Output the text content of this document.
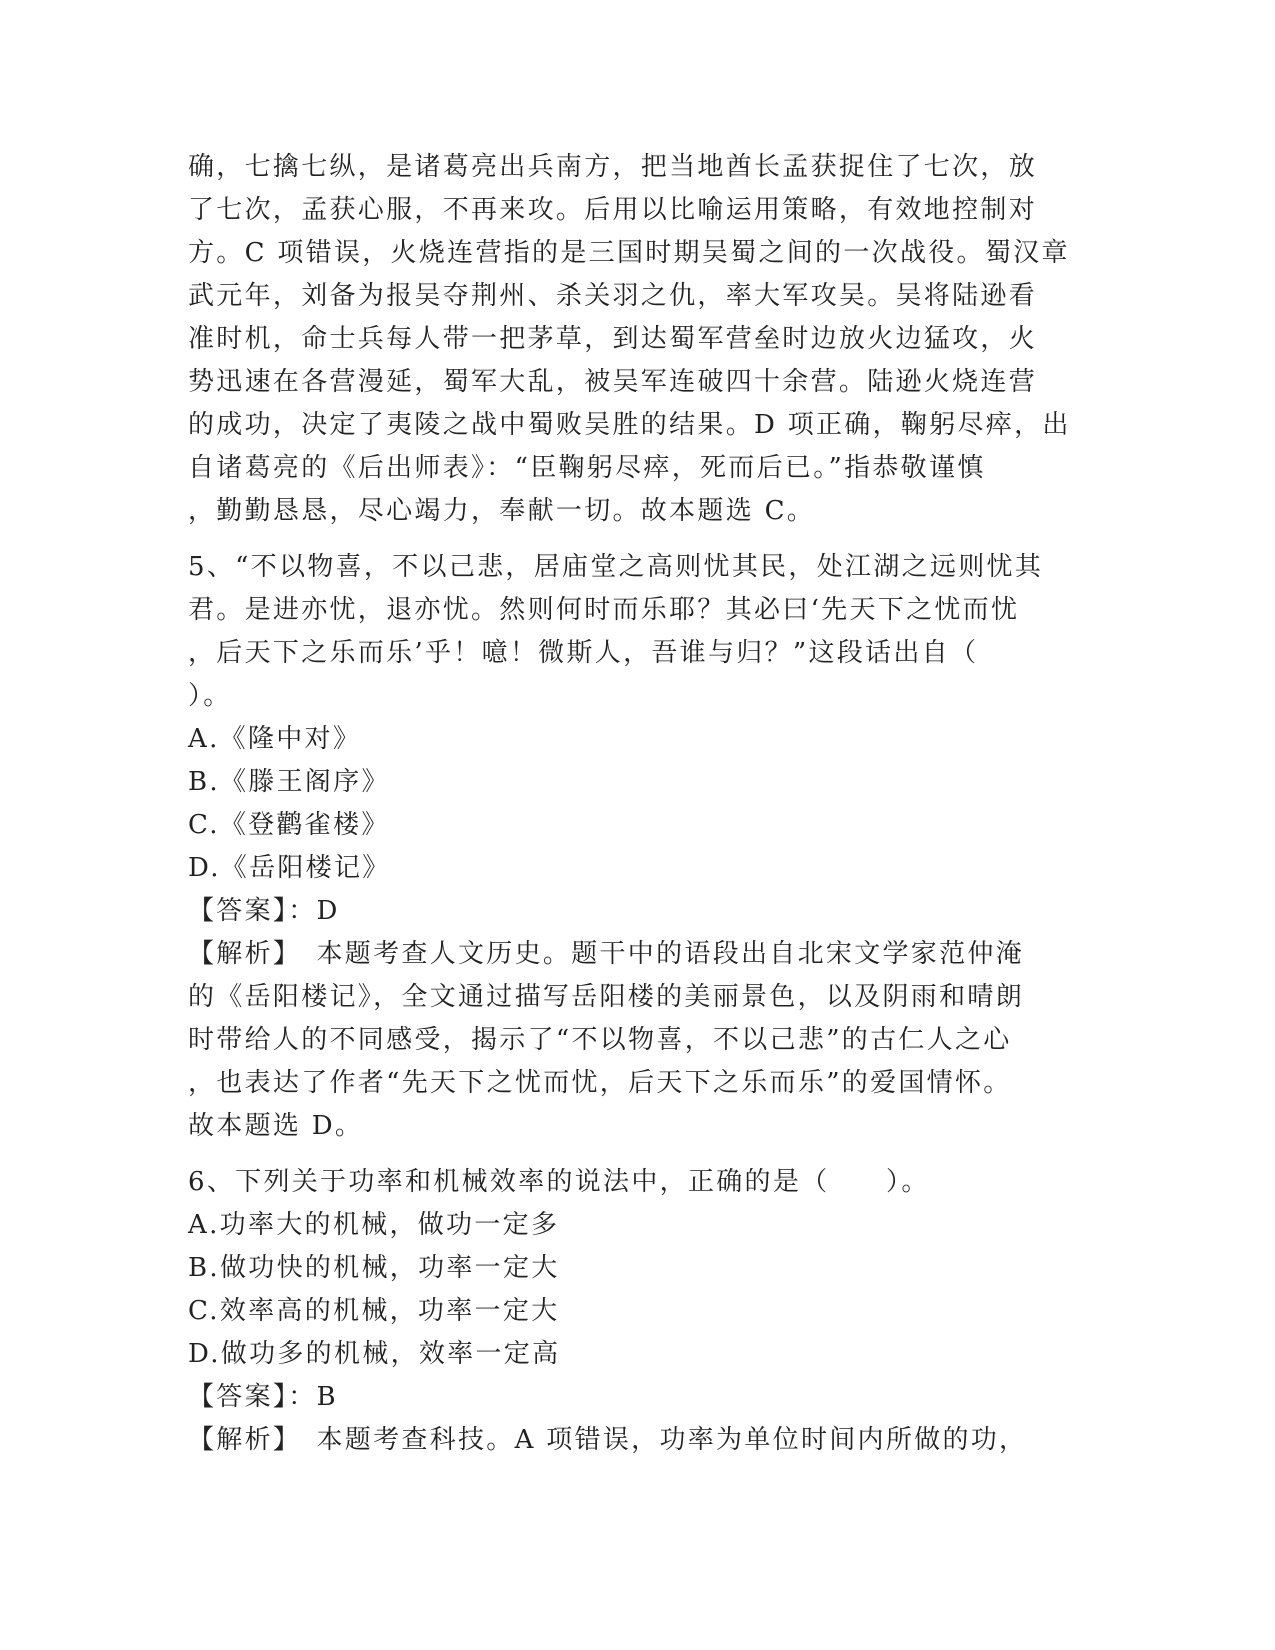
确，七擒七纵，是诸葛亮出兵南方，把当地酋长孟获捉住了七次，放
了七次，孟获心服，不再来攻。后用以比喻运用策略，有效地控制对
方。C 项错误，火烧连营指的是三国时期吴蜀之间的一次战役。蜀汉章
武元年，刘备为报吴夺荆州、杀关羽之仇，率大军攻吴。吴将陆逊看
准时机，命士兵每人带一把茅草，到达蜀军营垒时边放火边猛攻，火
势迅速在各营漫延，蜀军大乱，被吴军连破四十余营。陆逊火烧连营
的成功，决定了夷陵之战中蜀败吴胜的结果。D 项正确，鞠躬尽瘁，出
自诸葛亮的《后出师表》：“臣鞠躬尽瘁，死而后已。”指恭敬谨慎
，勤勤恳恳，尽心竭力，奉献一切。故本题选 C。
5、“不以物喜，不以己悲，居庙堂之高则忧其民，处江湖之远则忧其
君。是进亦忧，退亦忧。然则何时而乐耶？其必曰‘先天下之忧而忧
，后天下之乐而乐’乎！噫！微斯人，吾谁与归？”这段话出自（
）。
A.《隆中对》
B.《滕王阁序》
C.《登鹳雀楼》
D.《岳阳楼记》
【答案】：D
【解析】　本题考查人文历史。题干中的语段出自北宋文学家范仲淹
的《岳阳楼记》，全文通过描写岳阳楼的美丽景色，以及阴雨和晴朗
时带给人的不同感受，揭示了“不以物喜，不以己悲”的古仁人之心
，也表达了作者“先天下之忧而忧，后天下之乐而乐”的爱国情怀。
故本题选 D。
6、下列关于功率和机械效率的说法中，正确的是（　　）。
A.功率大的机械，做功一定多
B.做功快的机械，功率一定大
C.效率高的机械，功率一定大
D.做功多的机械，效率一定高
【答案】：B
【解析】　本题考查科技。A 项错误，功率为单位时间内所做的功，
